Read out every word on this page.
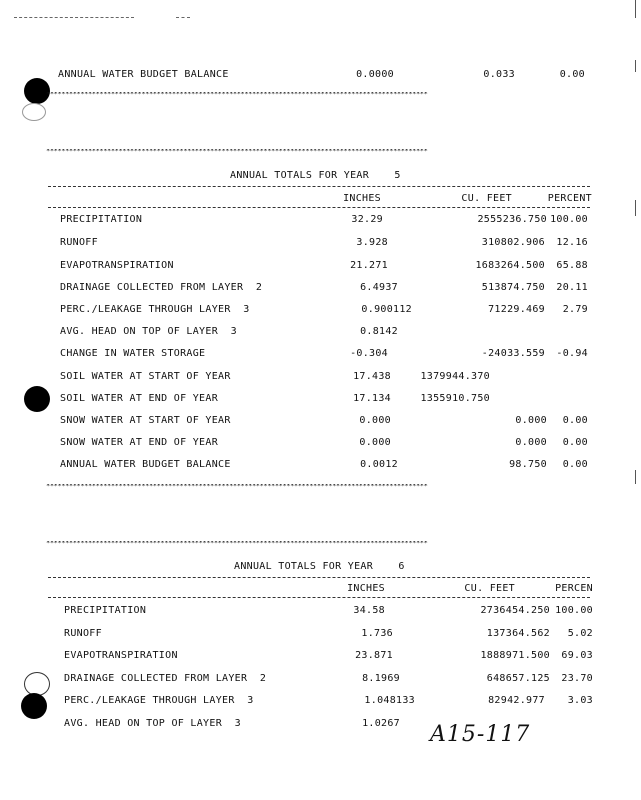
ANNUAL WATER BUDGET BALANCE	0.0000	0.033	0.00
****************************************************************************************************
****************************************************************************************************
ANNUAL TOTALS FOR YEAR	5
INCHES	CU. FEET	PERCENT
PRECIPITATION	32.29	2555236.750 100.00
RUNOFF	3.928	310802.906 12.16
EVAPOTRANSPIRATION	21.271	1683264.500 65.88
DRAINAGE COLLECTED FROM LAYER  2	6.4937	513874.750 20.11
PERC./LEAKAGE THROUGH LAYER  3	0.900112	71229.469 2.79
AVG. HEAD ON TOP OF LAYER  3	0.8142
CHANGE IN WATER STORAGE	-0.304	-24033.559 -0.94
SOIL WATER AT START OF YEAR	17.438	1379944.370
SOIL WATER AT END OF YEAR	17.134	1355910.750
SNOW WATER AT START OF YEAR	0.000	0.000 0.00
SNOW WATER AT END OF YEAR	0.000	0.000 0.00
ANNUAL WATER BUDGET BALANCE	0.0012	98.750 0.00
****************************************************************************************************
****************************************************************************************************
ANNUAL TOTALS FOR YEAR	6
INCHES	CU. FEET	PERCEN
PRECIPITATION	34.58	2736454.250 100.00
RUNOFF	1.736	137364.562 5.02
EVAPOTRANSPIRATION	23.871	1888971.500 69.03
DRAINAGE COLLECTED FROM LAYER  2	8.1969	648657.125 23.70
PERC./LEAKAGE THROUGH LAYER  3	1.048133	82942.977 3.03
AVG. HEAD ON TOP OF LAYER  3	1.0267 A15-117
